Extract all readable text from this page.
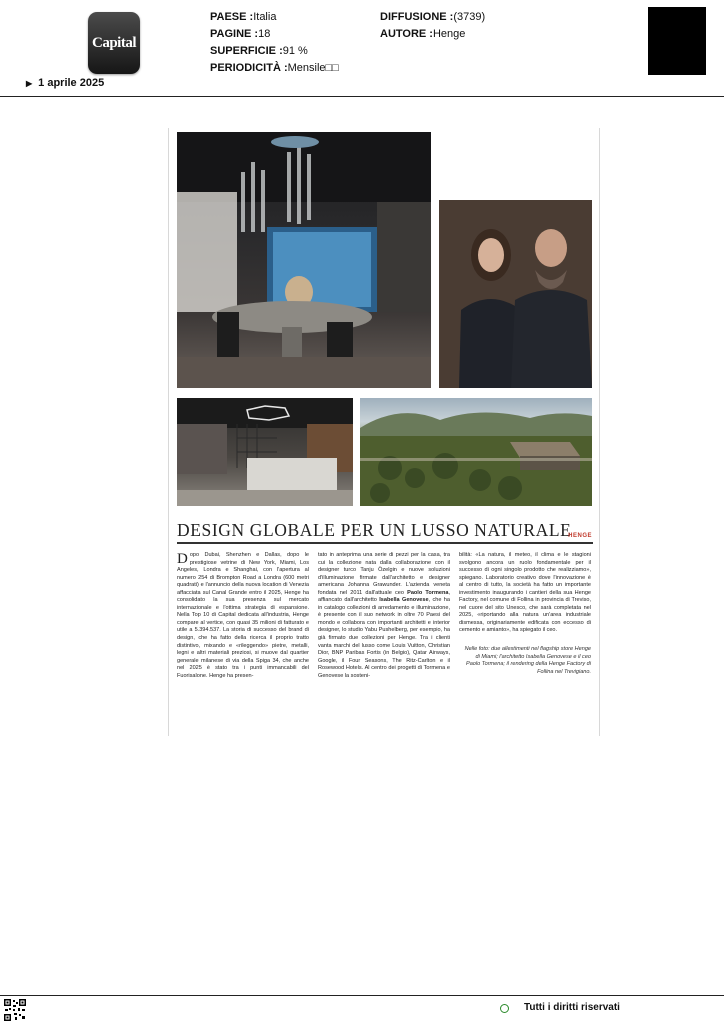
Capital
▶ 1 aprile 2025
PAESE :Italia
PAGINE :18
SUPERFICIE :91 %
PERIODICITÀ :Mensile□□
DIFFUSIONE :(3739)
AUTORE :Henge
DESIGN GLOBALE PER UN LUSSO NATURALE
HENGE
Dopo Dubai, Shenzhen e Dallas, dopo le prestigiose vetrine di New York, Miami, Los Angeles, Londra e Shanghai, con l'apertura al numero 254 di Brompton Road a Londra (600 metri quadrati) e l'annuncio della nuova location di Venezia affacciata sul Canal Grande entro il 2025, Henge ha consolidato la sua presenza sul mercato internazionale e l'ottima strategia di espansione. Nella Top 10 di Capital dedicata all'industria, Henge compare al vertice, con quasi 35 milioni di fatturato e utile a 5.394.537. La storia di successo del brand di design, che ha fatto della ricerca il proprio tratto distintivo, mixando e «rileggendo» pietre, metalli, legni e altri materiali preziosi, si muove dal quartier generale milanese di via della Spiga 34, che anche nel 2025 è stato tra i punti immancabili del Fuorisalone. Henge ha presen-
tato in anteprima una serie di pezzi per la casa, tra cui la collezione nata dalla collaborazione con il designer turco Tanju Özelgin e nuove soluzioni d'illuminazione firmate dall'architetto e designer americana Johanna Grawunder. L'azienda veneta fondata nel 2011 dall'attuale ceo Paolo Tormena, affiancato dall'architetto Isabella Genovese, che ha in catalogo collezioni di arredamento e illuminazione, è presente con il suo network in oltre 70 Paesi del mondo e collabora con importanti architetti e interior designer, lo studio Yabu Pushelberg, per esempio, ha già firmato due collezioni per Henge. Tra i clienti vanta marchi del lusso come Louis Vuitton, Christian Dior, BNP Paribas Fortis (in Belgio), Qatar Airways, Google, il Four Seasons, The Ritz-Carlton e il Rosewood Hotels. Al centro dei progetti di Tormena e Genovese la sosteni-
bilità: «La natura, il meteo, il clima e le stagioni svolgono ancora un ruolo fondamentale per il successo di ogni singolo prodotto che realizziamo», spiegano. Laboratorio creativo dove l'innovazione è al centro di tutto, la società ha fatto un importante investimento inaugurando i cantieri della sua Henge Factory, nel comune di Follina in provincia di Treviso, nel cuore del sito Unesco, che sarà completata nel 2025, «riportando alla natura un'area industriale dismessa, originariamente edificata con eccesso di cemento e amianto», ha spiegato il ceo.
Nelle foto: due allestimenti nel flagship store Henge di Miami; l'architetto Isabella Genovese e il ceo Paolo Tormena; il rendering della Henge Factory di Follina nel Trevigiano.
Tutti i diritti riservati
